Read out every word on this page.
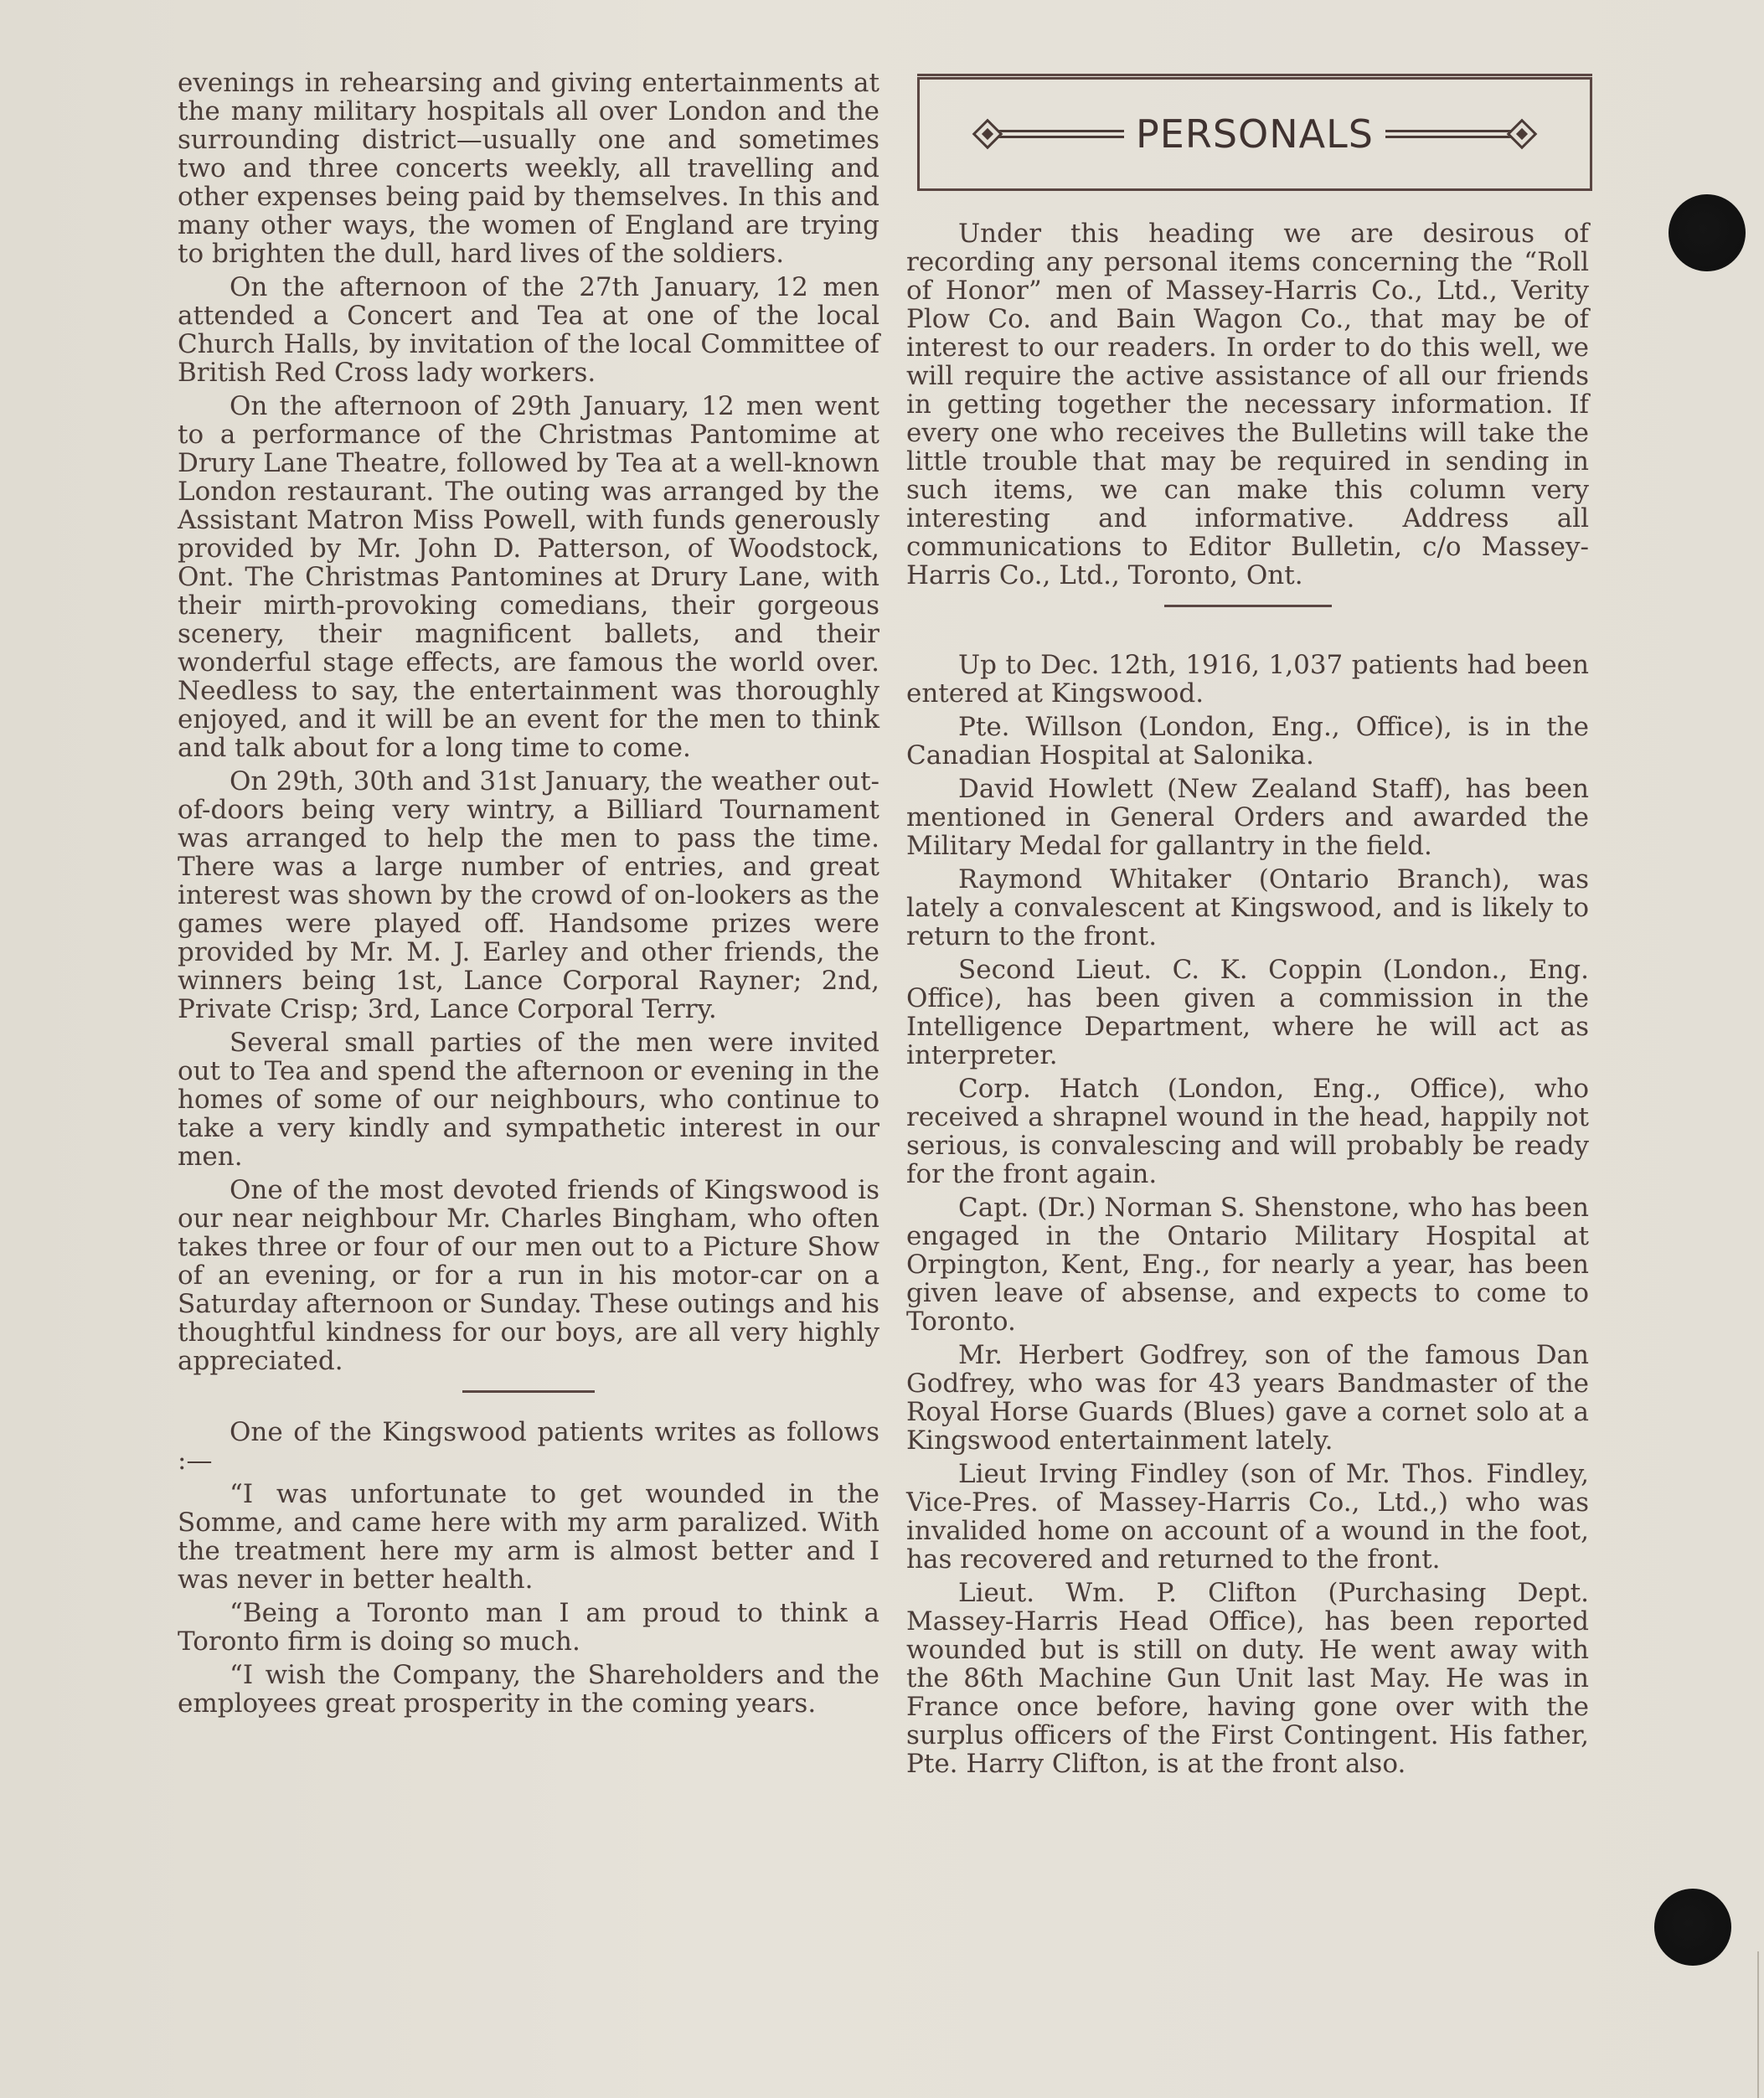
evenings in rehearsing and giving entertainments at the many military hospitals all over London and the surrounding district—usually one and sometimes two and three concerts weekly, all travelling and other expenses being paid by themselves. In this and many other ways, the women of England are trying to brighten the dull, hard lives of the soldiers.

On the afternoon of the 27th January, 12 men attended a Concert and Tea at one of the local Church Halls, by invitation of the local Committee of British Red Cross lady workers.

On the afternoon of 29th January, 12 men went to a performance of the Christmas Pantomime at Drury Lane Theatre, followed by Tea at a well-known London restaurant. The outing was arranged by the Assistant Matron Miss Powell, with funds generously provided by Mr. John D. Patterson, of Woodstock, Ont. The Christmas Pantomines at Drury Lane, with their mirth-provoking comedians, their gorgeous scenery, their magnificent ballets, and their wonderful stage effects, are famous the world over. Needless to say, the entertainment was thoroughly enjoyed, and it will be an event for the men to think and talk about for a long time to come.

On 29th, 30th and 31st January, the weather out-of-doors being very wintry, a Billiard Tournament was arranged to help the men to pass the time. There was a large number of entries, and great interest was shown by the crowd of on-lookers as the games were played off. Handsome prizes were provided by Mr. M. J. Earley and other friends, the winners being 1st, Lance Corporal Rayner; 2nd, Private Crisp; 3rd, Lance Corporal Terry.

Several small parties of the men were invited out to Tea and spend the afternoon or evening in the homes of some of our neighbours, who continue to take a very kindly and sympathetic interest in our men.

One of the most devoted friends of Kingswood is our near neighbour Mr. Charles Bingham, who often takes three or four of our men out to a Picture Show of an evening, or for a run in his motor-car on a Saturday afternoon or Sunday. These outings and his thoughtful kindness for our boys, are all very highly appreciated.

One of the Kingswood patients writes as follows :—

“I was unfortunate to get wounded in the Somme, and came here with my arm paralized. With the treatment here my arm is almost better and I was never in better health.

“Being a Toronto man I am proud to think a Toronto firm is doing so much.

“I wish the Company, the Shareholders and the employees great prosperity in the coming years.

PERSONALS

Under this heading we are desirous of recording any personal items concerning the “Roll of Honor” men of Massey-Harris Co., Ltd., Verity Plow Co. and Bain Wagon Co., that may be of interest to our readers. In order to do this well, we will require the active assistance of all our friends in getting together the necessary information. If every one who receives the Bulletins will take the little trouble that may be required in sending in such items, we can make this column very interesting and informative. Address all communications to Editor Bulletin, c/o Massey-Harris Co., Ltd., Toronto, Ont.

Up to Dec. 12th, 1916, 1,037 patients had been entered at Kingswood.

Pte. Willson (London, Eng., Office), is in the Canadian Hospital at Salonika.

David Howlett (New Zealand Staff), has been mentioned in General Orders and awarded the Military Medal for gallantry in the field.

Raymond Whitaker (Ontario Branch), was lately a convalescent at Kingswood, and is likely to return to the front.

Second Lieut. C. K. Coppin (London., Eng. Office), has been given a commission in the Intelligence Department, where he will act as interpreter.

Corp. Hatch (London, Eng., Office), who received a shrapnel wound in the head, happily not serious, is convalescing and will probably be ready for the front again.

Capt. (Dr.) Norman S. Shenstone, who has been engaged in the Ontario Military Hospital at Orpington, Kent, Eng., for nearly a year, has been given leave of absense, and expects to come to Toronto.

Mr. Herbert Godfrey, son of the famous Dan Godfrey, who was for 43 years Bandmaster of the Royal Horse Guards (Blues) gave a cornet solo at a Kingswood entertainment lately.

Lieut Irving Findley (son of Mr. Thos. Findley, Vice-Pres. of Massey-Harris Co., Ltd.,) who was invalided home on account of a wound in the foot, has recovered and returned to the front.

Lieut. Wm. P. Clifton (Purchasing Dept. Massey-Harris Head Office), has been reported wounded but is still on duty. He went away with the 86th Machine Gun Unit last May. He was in France once before, having gone over with the surplus officers of the First Contingent. His father, Pte. Harry Clifton, is at the front also.
